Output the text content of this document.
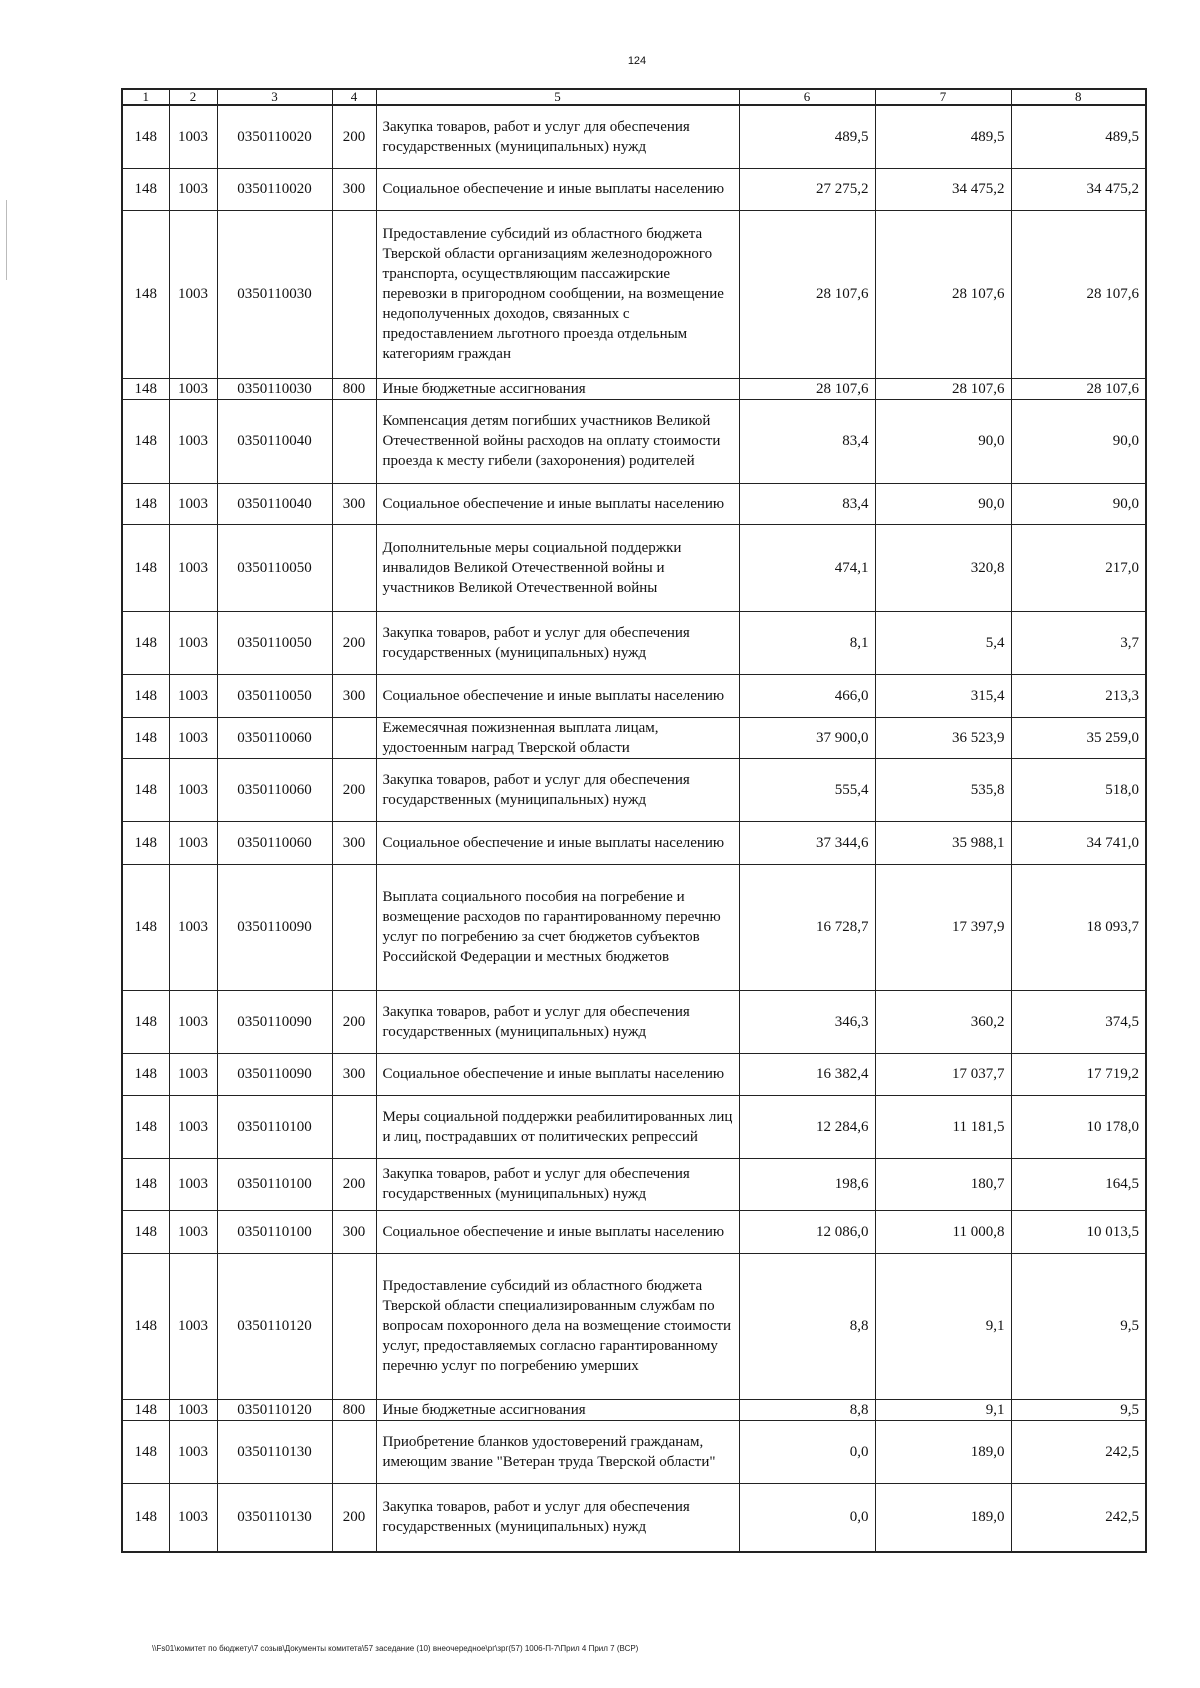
124
1	2	3	4	5	6	7	8
148	1003	0350110020	200	Закупка товаров, работ и услуг для обеспечения государственных (муниципальных) нужд	489,5	489,5	489,5
148	1003	0350110020	300	Социальное обеспечение и иные выплаты населению	27 275,2	34 475,2	34 475,2
148	1003	0350110030		Предоставление субсидий из областного бюджета Тверской области организациям железнодорожного транспорта, осуществляющим пассажирские перевозки в пригородном сообщении, на возмещение недополученных доходов, связанных с предоставлением льготного проезда отдельным категориям граждан	28 107,6	28 107,6	28 107,6
148	1003	0350110030	800	Иные бюджетные ассигнования	28 107,6	28 107,6	28 107,6
148	1003	0350110040		Компенсация детям погибших участников Великой Отечественной войны расходов на оплату стоимости проезда к месту гибели (захоронения) родителей	83,4	90,0	90,0
148	1003	0350110040	300	Социальное обеспечение и иные выплаты населению	83,4	90,0	90,0
148	1003	0350110050		Дополнительные меры социальной поддержки инвалидов Великой Отечественной войны и участников Великой Отечественной войны	474,1	320,8	217,0
148	1003	0350110050	200	Закупка товаров, работ и услуг для обеспечения государственных (муниципальных) нужд	8,1	5,4	3,7
148	1003	0350110050	300	Социальное обеспечение и иные выплаты населению	466,0	315,4	213,3
148	1003	0350110060		Ежемесячная пожизненная выплата лицам, удостоенным наград Тверской области	37 900,0	36 523,9	35 259,0
148	1003	0350110060	200	Закупка товаров, работ и услуг для обеспечения государственных (муниципальных) нужд	555,4	535,8	518,0
148	1003	0350110060	300	Социальное обеспечение и иные выплаты населению	37 344,6	35 988,1	34 741,0
148	1003	0350110090		Выплата социального пособия на погребение и возмещение расходов по гарантированному перечню услуг по погребению за счет бюджетов субъектов Российской Федерации и местных бюджетов	16 728,7	17 397,9	18 093,7
148	1003	0350110090	200	Закупка товаров, работ и услуг для обеспечения государственных (муниципальных) нужд	346,3	360,2	374,5
148	1003	0350110090	300	Социальное обеспечение и иные выплаты населению	16 382,4	17 037,7	17 719,2
148	1003	0350110100		Меры социальной поддержки реабилитированных лиц и лиц, пострадавших от политических репрессий	12 284,6	11 181,5	10 178,0
148	1003	0350110100	200	Закупка товаров, работ и услуг для обеспечения государственных (муниципальных) нужд	198,6	180,7	164,5
148	1003	0350110100	300	Социальное обеспечение и иные выплаты населению	12 086,0	11 000,8	10 013,5
148	1003	0350110120		Предоставление субсидий из областного бюджета Тверской области специализированным службам по вопросам похоронного дела на возмещение стоимости услуг, предоставляемых согласно гарантированному перечню услуг по погребению умерших	8,8	9,1	9,5
148	1003	0350110120	800	Иные бюджетные ассигнования	8,8	9,1	9,5
148	1003	0350110130		Приобретение бланков удостоверений гражданам, имеющим звание "Ветеран труда Тверской области"	0,0	189,0	242,5
148	1003	0350110130	200	Закупка товаров, работ и услуг для обеспечения государственных (муниципальных) нужд	0,0	189,0	242,5
\\Fs01\комитет по бюджету\7 созыв\Документы комитета\57 заседание (10) внеочередное\рг\зрг(57) 1006-П-7\Прил 4 Прил 7 (ВСР)
